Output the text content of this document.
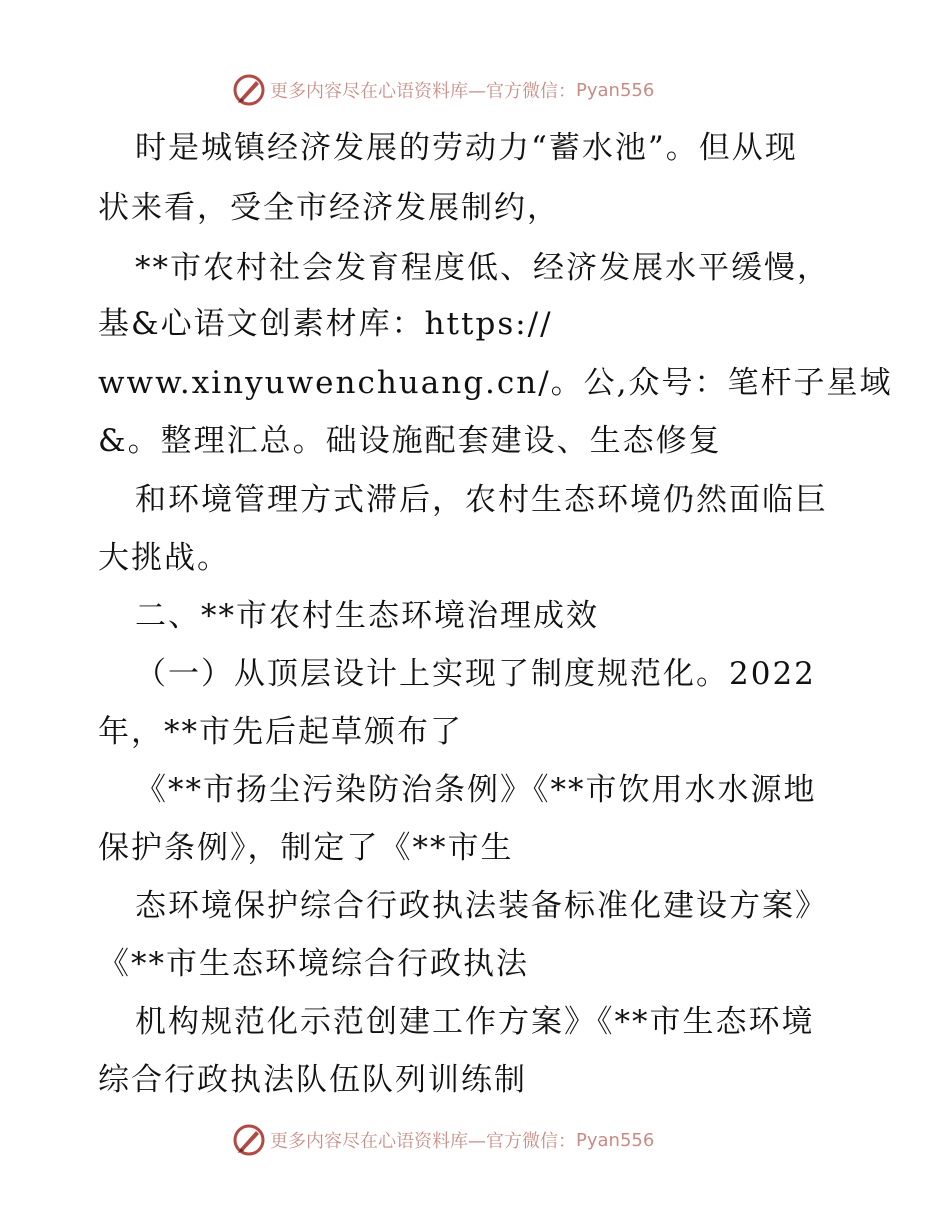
更多内容尽在心语资料库 —官方微信： Pyan556
时是城镇经济发展的劳动力“蓄水池”。但从现
状来看，受全市经济发展制约，
**市农村社会发育程度低、经济发展水平缓慢，
基&心语文创素材库：https://
www.xinyuwenchuang.cn/。公,众号：笔杆子星域
&。整理汇总。础设施配套建设、生态修复
和环境管理方式滞后，农村生态环境仍然面临巨
大挑战。
二、**市农村生态环境治理成效
（一）从顶层设计上实现了制度规范化。2022
年，**市先后起草颁布了
《**市扬尘污染防治条例》《**市饮用水水源地
保护条例》，制定了《**市生
态环境保护综合行政执法装备标准化建设方案》
《**市生态环境综合行政执法
机构规范化示范创建工作方案》《**市生态环境
综合行政执法队伍队列训练制
更多内容尽在心语资料库 —官方微信： Pyan556
